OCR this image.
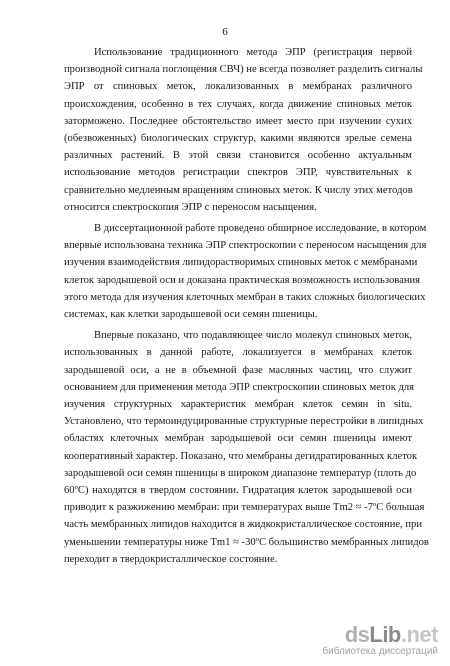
6
Использование традиционного метода ЭПР (регистрация первой
производной сигнала поглощения СВЧ) не всегда позволяет разделить сигналы
ЭПР от спиновых меток, локализованных в мембранах различного
происхождения, особенно в тех случаях, когда движение спиновых меток
заторможено. Последнее обстоятельство имеет место при изучении сухих
(обезвоженных) биологических структур, какими являются зрелые семена
различных растений. В этой связи становится особенно актуальным
использование методов регистрации спектров ЭПР, чувствительных к
сравнительно медленным вращениям спиновых меток. К числу этих методов
относится спектроскопия ЭПР с переносом насыщения.
В диссертационной работе проведено обширное исследование, в котором
впервые использована техника ЭПР спектроскопии с переносом насыщения для
изучения взаимодействия липидорастворимых спиновых меток с мембранами
клеток зародышевой оси и доказана практическая возможность использования
этого метода для изучения клеточных мембран в таких сложных биологических
системах, как клетки зародышевой оси семян пшеницы.
Впервые показано, что подавляющее число молекул спиновых меток,
использованных в данной работе, локализуется в мембранах клеток
зародышевой оси, а не в объемной фазе масляных частиц, что служит
основанием для применения метода ЭПР спектроскопии спиновых меток для
изучения структурных характеристик мембран клеток семян in situ.
Установлено, что термоиндуцированные структурные перестройки в липидных
областях клеточных мембран зародышевой оси семян пшеницы имеют
кооперативный характер. Показано, что мембраны дегидратированных клеток
зародышевой оси семян пшеницы в широком диапазоне температур (плоть до
60ºС) находятся в твердом состоянии. Гидратация клеток зародышевой оси
приводит к разжижению мембран: при температурах выше Tm2 ≈ -7ºС большая
часть мембранных липидов находится в жидкокристаллическое состояние, при
уменьшении температуры ниже Tm1 ≈ -30ºС большинство мембранных липидов
переходит в твердокристаллическое состояние.
dsLib.net
библиотека диссертаций
